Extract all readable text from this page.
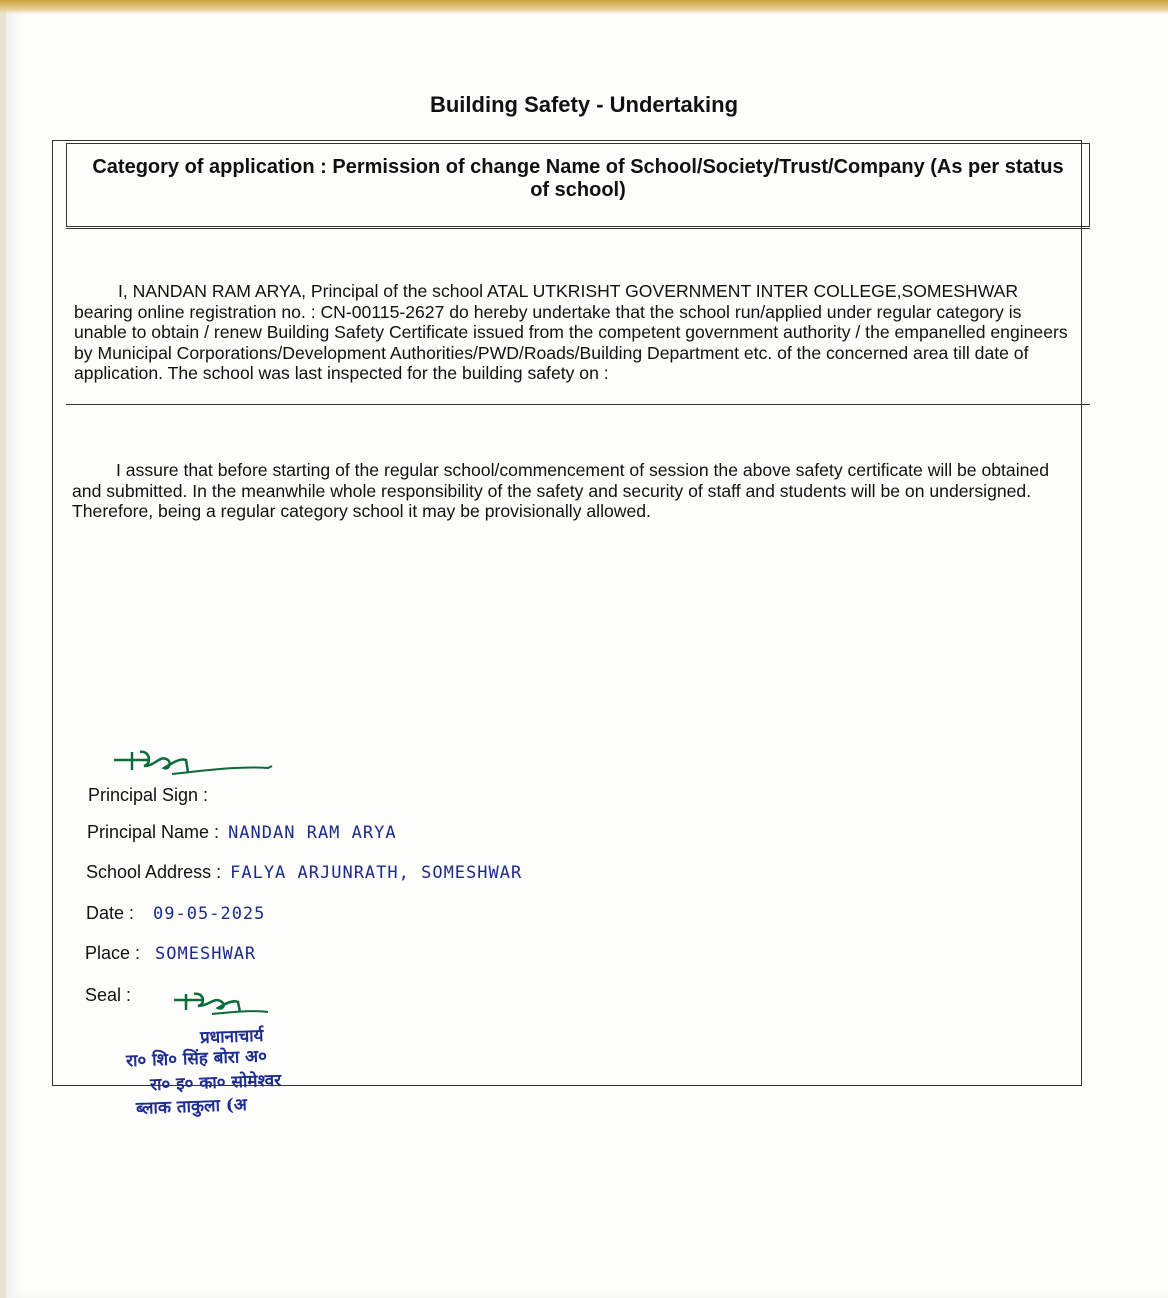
Building Safety - Undertaking
Category of application : Permission of change Name of School/Society/Trust/Company (As per status of school)
I, NANDAN RAM ARYA, Principal of the school ATAL UTKRISHT GOVERNMENT INTER COLLEGE,SOMESHWAR bearing online registration no. : CN-00115-2627 do hereby undertake that the school run/applied under regular category is unable to obtain / renew Building Safety Certificate issued from the competent government authority / the empanelled engineers by Municipal Corporations/Development Authorities/PWD/Roads/Building Department etc. of the concerned area till date of application. The school was last inspected for the building safety on :
I assure that before starting of the regular school/commencement of session the above safety certificate will be obtained and submitted. In the meanwhile whole responsibility of the safety and security of staff and students will be on undersigned. Therefore, being a regular category school it may be provisionally allowed.
Principal Sign :
Principal Name : NANDAN RAM ARYA
School Address : FALYA ARJUNRATH, SOMESHWAR
Date : 09-05-2025
Place : SOMESHWAR
Seal :
प्रधानाचार्य
रा० शि० सिंह बोरा अ०
रा० इ० का० सोमेश्वर
ब्लाक ताकुला (अ
